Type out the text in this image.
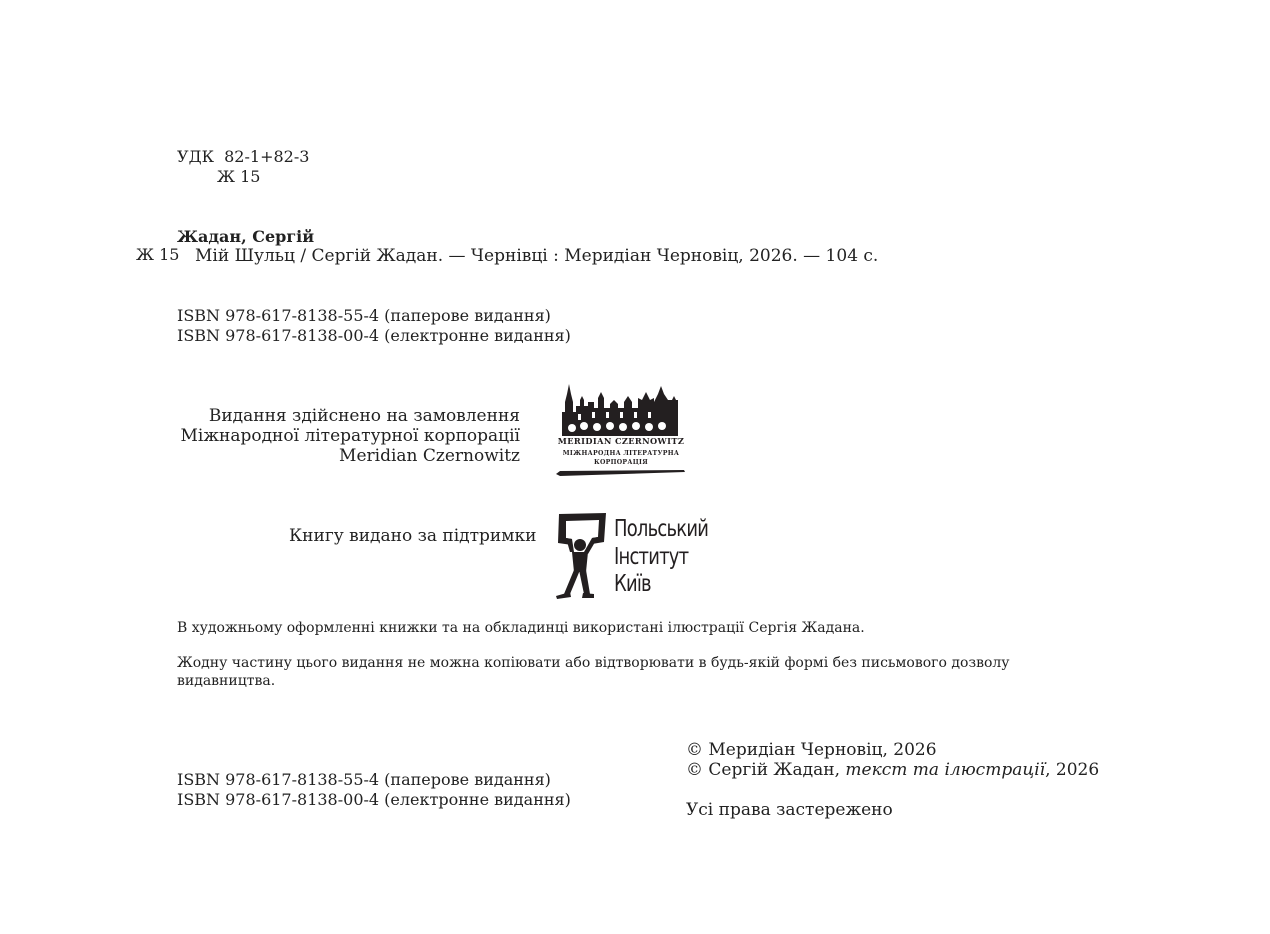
УДК 82-1+82-3
Ж 15
Жадан, Сергій
Ж 15 Мій Шульц / Сергій Жадан. — Чернівці : Меридіан Черновіц, 2026. — 104 с.
ISBN 978-617-8138-55-4 (паперове видання)
ISBN 978-617-8138-00-4 (електронне видання)
Видання здійснено на замовлення
Міжнародної літературної корпорації
Meridian Czernowitz
MERIDIAN CZERNOWITZ
МІЖНАРОДНА ЛІТЕРАТУРНА
КОРПОРАЦІЯ
Книгу видано за підтримки	Польський
Інститут
Київ
В художньому оформленні книжки та на обкладинці використані ілюстрації Сергія Жадана.
Жодну частину цього видання не можна копіювати або відтворювати в будь-якій формі без письмового дозволу
видавництва.
ISBN 978-617-8138-55-4 (паперове видання)
ISBN 978-617-8138-00-4 (електронне видання)
© Меридіан Черновіц, 2026
© Сергій Жадан, текст та ілюстрації, 2026
Усі права застережено
